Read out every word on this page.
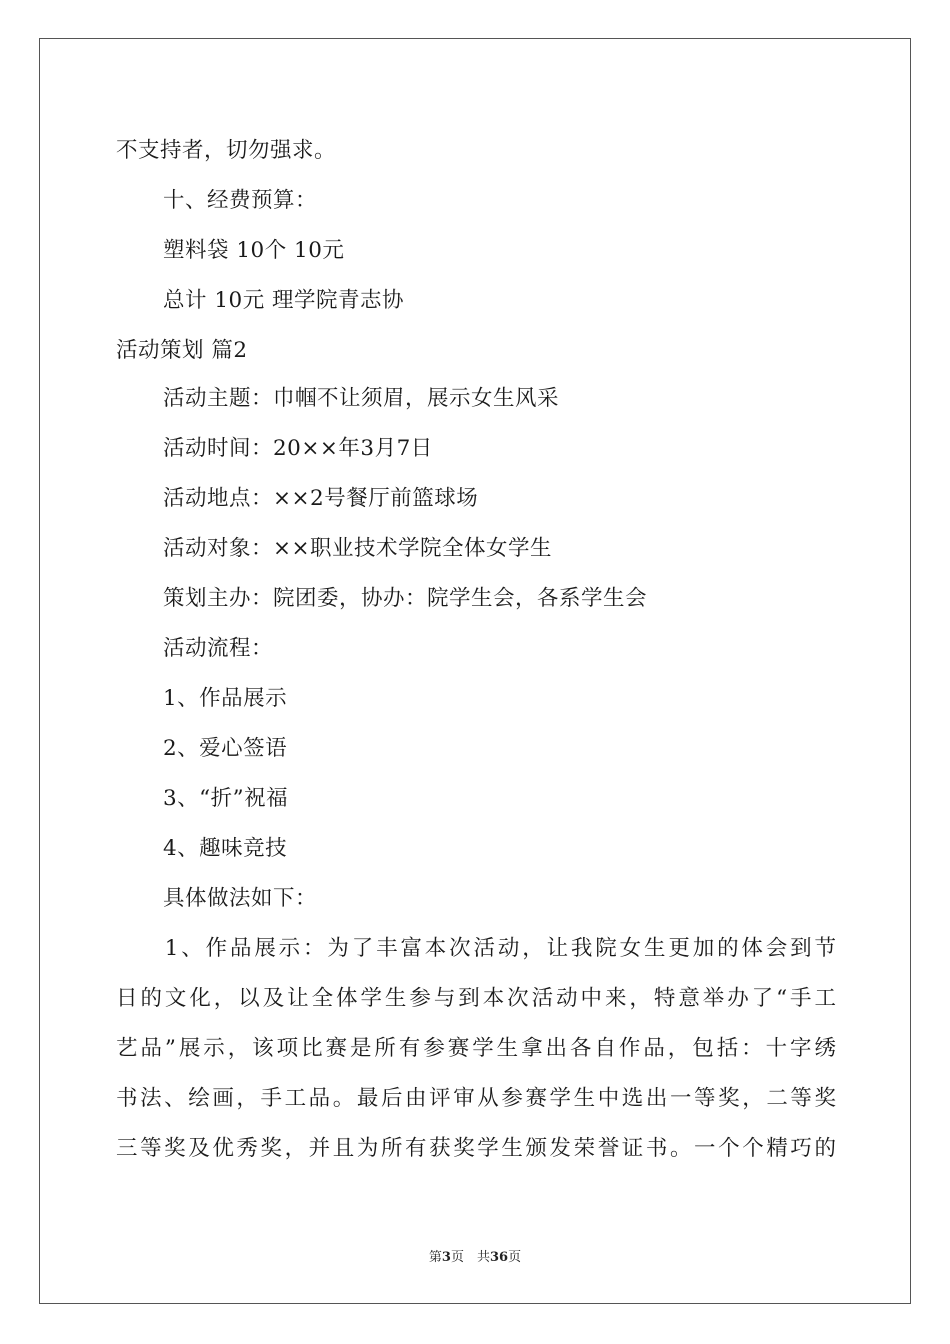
不支持者，切勿强求。
十、经费预算：
塑料袋 10个 10元
总计 10元 理学院青志协
活动策划 篇2
活动主题：巾帼不让须眉，展示女生风采
活动时间：20××年3月7日
活动地点：××2号餐厅前篮球场
活动对象：××职业技术学院全体女学生
策划主办：院团委，协办：院学生会，各系学生会
活动流程：
1、作品展示
2、爱心签语
3、“折”祝福
4、趣味竞技
具体做法如下：
　　1、作品展示：为了丰富本次活动，让我院女生更加的体会到节
日的文化，以及让全体学生参与到本次活动中来，特意举办了“手工
艺品”展示，该项比赛是所有参赛学生拿出各自作品，包括：十字绣
书法、绘画，手工品。最后由评审从参赛学生中选出一等奖，二等奖
三等奖及优秀奖，并且为所有获奖学生颁发荣誉证书。一个个精巧的
第3页　共36页
